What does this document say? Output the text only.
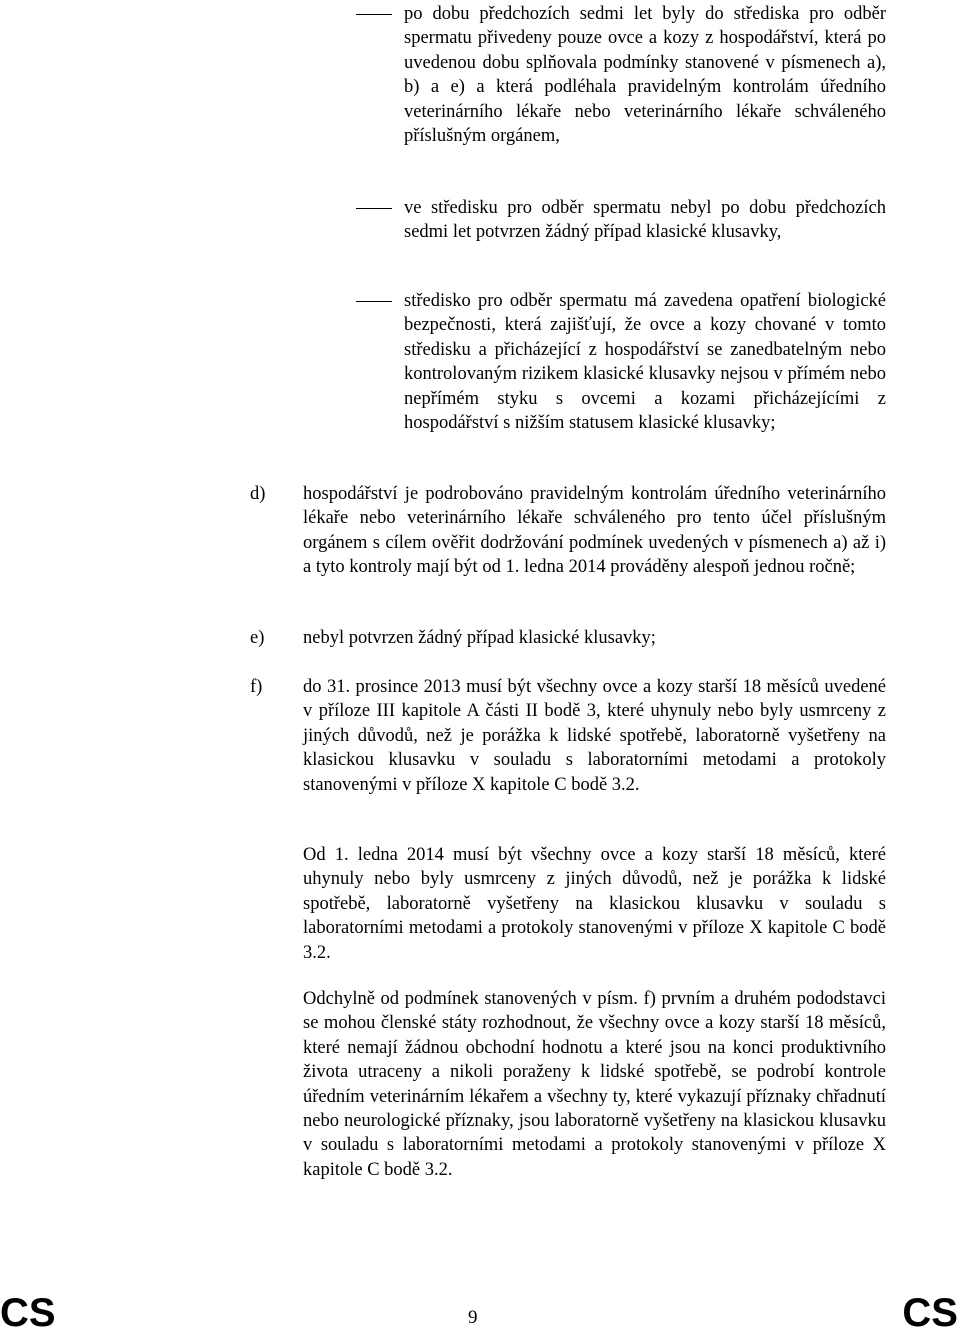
po dobu předchozích sedmi let byly do střediska pro odběr spermatu přivedeny pouze ovce a kozy z hospodářství, která po uvedenou dobu splňovala podmínky stanovené v písmenech a), b) a e) a která podléhala pravidelným kontrolám úředního veterinárního lékaře nebo veterinárního lékaře schváleného příslušným orgánem,
ve středisku pro odběr spermatu nebyl po dobu předchozích sedmi let potvrzen žádný případ klasické klusavky,
středisko pro odběr spermatu má zavedena opatření biologické bezpečnosti, která zajišťují, že ovce a kozy chované v tomto středisku a přicházející z hospodářství se zanedbatelným nebo kontrolovaným rizikem klasické klusavky nejsou v přímém nebo nepřímém styku s ovcemi a kozami přicházejícími z hospodářství s nižším statusem klasické klusavky;
d) hospodářství je podrobováno pravidelným kontrolám úředního veterinárního lékaře nebo veterinárního lékaře schváleného pro tento účel příslušným orgánem s cílem ověřit dodržování podmínek uvedených v písmenech a) až i) a tyto kontroly mají být od 1. ledna 2014 prováděny alespoň jednou ročně;
e) nebyl potvrzen žádný případ klasické klusavky;
f) do 31. prosince 2013 musí být všechny ovce a kozy starší 18 měsíců uvedené v příloze III kapitole A části II bodě 3, které uhynuly nebo byly usmrceny z jiných důvodů, než je porážka k lidské spotřebě, laboratorně vyšetřeny na klasickou klusavku v souladu s laboratorními metodami a protokoly stanovenými v příloze X kapitole C bodě 3.2.
Od 1. ledna 2014 musí být všechny ovce a kozy starší 18 měsíců, které uhynuly nebo byly usmrceny z jiných důvodů, než je porážka k lidské spotřebě, laboratorně vyšetřeny na klasickou klusavku v souladu s laboratorními metodami a protokoly stanovenými v příloze X kapitole C bodě 3.2.
Odchylně od podmínek stanovených v písm. f) prvním a druhém pododstavci se mohou členské státy rozhodnout, že všechny ovce a kozy starší 18 měsíců, které nemají žádnou obchodní hodnotu a které jsou na konci produktivního života utraceny a nikoli poraženy k lidské spotřebě, se podrobí kontrole úředním veterinárním lékařem a všechny ty, které vykazují příznaky chřadnutí nebo neurologické příznaky, jsou laboratorně vyšetřeny na klasickou klusavku v souladu s laboratorními metodami a protokoly stanovenými v příloze X kapitole C bodě 3.2.
CS	9	CS
